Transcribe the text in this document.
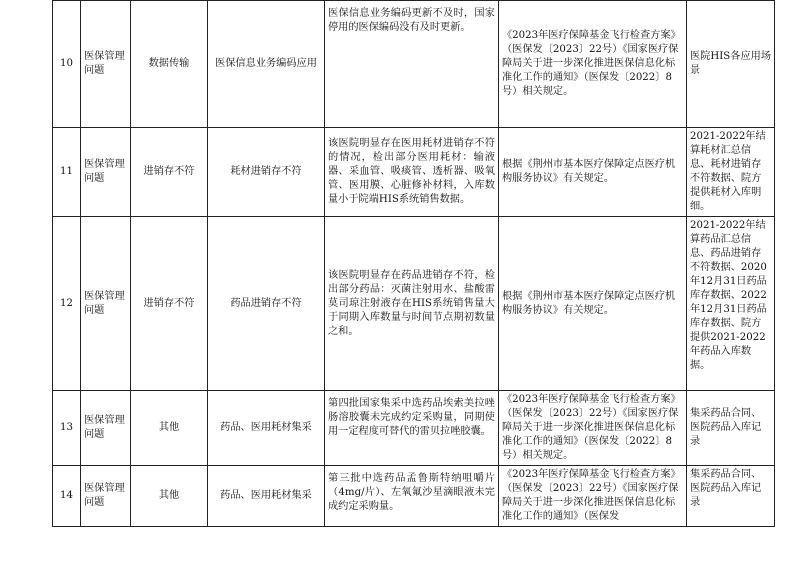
10	医保管理问题	数据传输	医保信息业务编码应用	医保信息业务编码更新不及时，国家停用的医保编码没有及时更新。	《2023年医疗保障基金飞行检查方案》（医保发〔2023〕22号）《国家医疗保障局关于进一步深化推进医保信息化标准化工作的通知》（医保发〔2022〕8号）相关规定。	医院HIS各应用场景
11	医保管理问题	进销存不符	耗材进销存不符	该医院明显存在医用耗材进销存不符的情况，检出部分医用耗材：输液器、采血管、吸痰管、透析器、吸氧管、医用膜、心脏修补材料，入库数量小于院端HIS系统销售数据。	根据《荆州市基本医疗保障定点医疗机构服务协议》有关规定。	2021-2022年结算耗材汇总信息、耗材进销存不符数据、院方提供耗材入库明细。
12	医保管理问题	进销存不符	药品进销存不符	该医院明显存在药品进销存不符，检出部分药品：灭菌注射用水、盐酸雷莫司琼注射液存在HIS系统销售量大于同期入库数量与时间节点期初数量之和。	根据《荆州市基本医疗保障定点医疗机构服务协议》有关规定。	2021-2022年结算药品汇总信息、药品进销存不符数据、2020年12月31日药品库存数据、2022年12月31日药品库存数据、院方提供2021-2022年药品入库数据。
13	医保管理问题	其他	药品、医用耗材集采	第四批国家集采中选药品埃索美拉唑肠溶胶囊未完成约定采购量，同期使用一定程度可替代的雷贝拉唑胶囊。	《2023年医疗保障基金飞行检查方案》（医保发〔2023〕22号）《国家医疗保障局关于进一步深化推进医保信息化标准化工作的通知》（医保发〔2022〕8号）相关规定。	集采药品合同、医院药品入库记录
14	医保管理问题	其他	药品、医用耗材集采	第三批中选药品孟鲁斯特纳咀嚼片（4mg/片）、左氧氟沙星滴眼液未完成约定采购量。	《2023年医疗保障基金飞行检查方案》（医保发〔2023〕22号）《国家医疗保障局关于进一步深化推进医保信息化标准化工作的通知》（医保发	集采药品合同、医院药品入库记录
